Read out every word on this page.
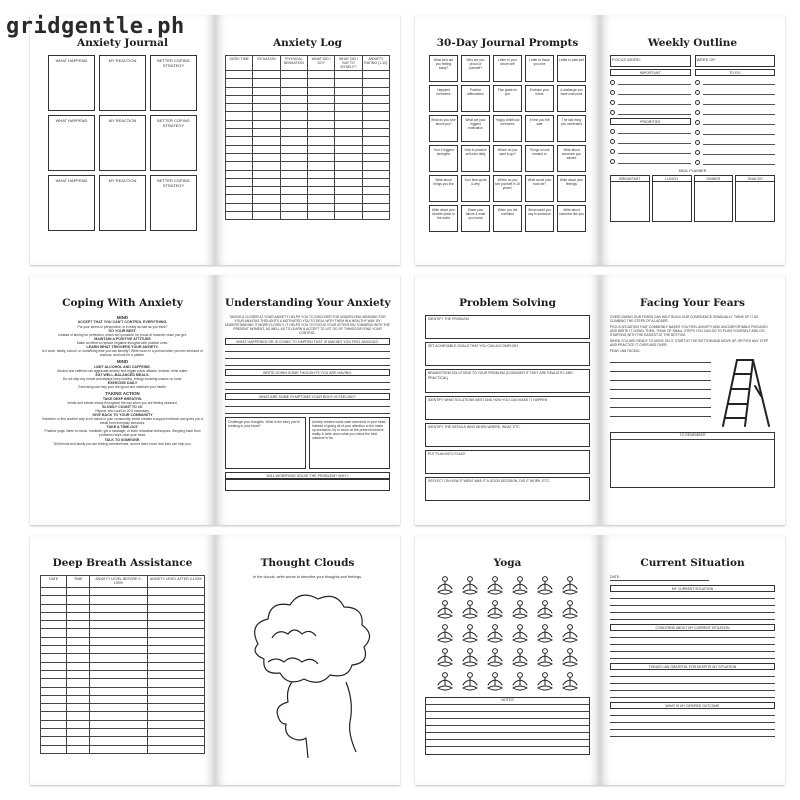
gridgentle.ph
Anxiety Journal
WHAT HAPPEND	MY REACTION	BETTER COPING STRATEGY
WHAT HAPPEND	MY REACTION	BETTER COPING STRATEGY
WHAT HAPPEND	MY REACTION	BETTER COPING STRATEGY
Anxiety Log
DATE/ TIME	SITUATION	PHYSICAL SENSATION	WHAT DID I DO?	WHAT DID I SAY TO MYSELF?	ANXIETY RATING (1-10)

30-Day Journal Prompts
What kind are you feeling today?
Why are you proud of yourself?
Letter to your future self
Letter to those you love
Letter to past self
Happiest memories
Positive affirmations
Five goals for you
Envision your future
A challenge you have overcome
What do you love about you?
What are your biggest motivation
Happy childhood memories
If time you felt safe
The last thing you celebrated
Your 3 biggest strengths
How to practice self-care daily
Where do you want to go?
Things to look forward to
Write about someone you admire
Write about things you like
Your fave quote & why
Where do you see yourself in 10 years?
What would your book be?
Write about your feelings
Write about your favorite place in the world
Share your failure & what you learnt
When you felt confident
What would you say to someone
Write about someone like you
Weekly Outline
FOCUS WORD:
IMPORTANT
PRIORITIES
WEEK OF:
TO DO
MEAL PLANNER
BREAKFAST	LUNCH	DINNER	SNACKS
Coping With Anxiety
MIND
ACCEPT THAT YOU CAN'T CONTROL EVERYTHING.
Put your stress in perspective: is it really as bad as you think?
DO YOUR BEST.
Instead of aiming for perfection, which isn't possible, be proud of however close you get.
MAINTAIN A POSITIVE ATTITUDE
Make an effort to replace negative thoughts with positive ones.
LEARN WHAT TRIGGERS YOUR ANXIETY.
Is it work, family, school, or something else you can identify? Write down in a journal when you feel stressed or anxious, and look for a pattern.
MIND
LIMIT ALCOHOL AND CAFFEINE.
Alcohol and caffeine can aggravate anxiety and trigger panic attacks. Instead, drink water.
EAT WELL-BALANCED MEALS.
Do not skip any meals and always keep healthy, energy-boosting snacks on hand.
EXERCISE DAILY
Exercising can help your feel good and maintain your health.
TAKING ACTION
TAKE DEEP BREATHS.
Inhale and exhale slowly throughout the day when you are feeling stressed.
SLOWLY COUNT TO 10.
Repeat, and count to 20 if necessary.
GIVE BACK TO YOUR COMMUNITY
Volunteer or find another way to be active in your community, which creates a support network and gives you a break from everyday stressors.
TAKE A TIME-OUT.
Practice yoga, listen to music, meditate, get a massage, or learn relaxation techniques. Stepping back from problems helps clear your head.
TALK TO SOMEONE.
Tell friends and family you are feeling overwhelmed, and let them know how they can help you.
Understanding Your Anxiety
TAKING A CLOSER AT YOUR ANXIETY HELPS YOU TO DISCOVER THE UNDERLYING MEANING FOR YOUR ANXIOUS THOUGHTS & MOTIVATED YOU TO DEAL WITH THEM IN A HEALTHY WAY. BY UNDERSTANDING IT MORE CLOSELY, IT HELPS YOU TO FOCUS YOUR ATTENTION TOWARDS WITH THE PRESENT MOMENT, AS WELL AS TO LEARN & ACCEPT TO LET GO OF THINGS BEYOND YOUR CONTROL.
WHAT HAPPENED OR IS GOING TO HAPPEN THAT IS MAKING YOU FEEL ANXIOUS:
WRITE DOWN SOME THOUGHTS YOU ARE HAVING:
WHAT ARE SOME SYMPTOMS YOUR BODY IS FEELING?
Challenge your thoughts. What is the story you're creating in your head?
Anxiety creates worst case scenarios in your head. Instead of giving all of your attention to the made up scenarios, try to focus on the present moment reality & write down what you notice the best outcome to be.
WILL WORRYING SOLVE THE PROBLEM? WHY?
Problem Solving
IDENTIFY THE PROBLEM
SET ACHIEVABLE GOALS THAT YOU CAN ACCOMPLISH
BRAINSTORM SOLUTIONS TO YOUR PROBLEM (CONSIDER IF THEY ARE REALISTIC AND PRACTICAL)
IDENTIFY WHAT SOLUTIONS BEST AND HOW YOU CAN MAKE IT HAPPEN
IDENTIFY THE DETAILS WHO WHEN WHERE, WHAT, ETC.
PUT PLAN INTO PLACE
REFLECT ON HOW IT WENT WAS IT A GOOD DECISION, DID IT WORK, ETC.
Facing Your Fears
OVERCOMING OUR FEARS CAN HELP BUILD OUR CONFIDENCE GRADUALLY. THINK OF IT AS CLIMBING THE STEPS OF A LADDER.
PICK A SITUATION THAT COMMONLY MAKES YOU FEEL ANXIETY AND UNCOMFORTABLE FEELINGS AND WRITE IT DOWN. THEN, THINK OF SMALL STEPS YOU CAN DO TO PUSH YOURSELF AND GO. STARTING WITH THE EASIEST AT THE BOTTOM.
WHEN YOU ARE READY TO MOVE ON IT, START AT THE BOTTOM AND MOVE UP, OR PICK ANY STEP AND PRACTICE IT OVER AND OVER.
FEAR I AM FACING:
TO REMEMBER
Deep Breath Assistance
DATE	TIME	ANXIETY LEVEL BEFORE 0-100%	ANXIETY LEVEL AFTER 0-100%

Thought Clouds
In the clouds, write words to describe your thoughts and feelings.
Yoga
NOTES
Current Situation
DATE:
MY CURRENT SITUATION
CONCERNS ABOUT MY CURRENT SITUATION
THINGS I AM GRATEFUL FOR DESPITE MY SITUATION
WHAT IS MY DESIRED OUTCOME
